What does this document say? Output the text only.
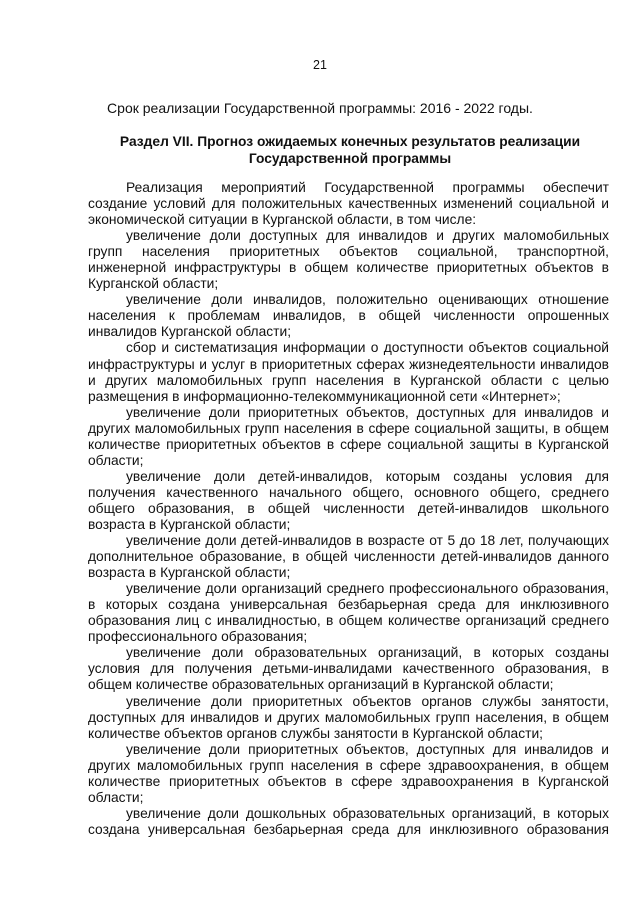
21
Срок реализации Государственной программы: 2016 - 2022 годы.
Раздел VII. Прогноз ожидаемых конечных результатов реализации Государственной программы

Реализация мероприятий Государственной программы обеспечит создание условий для положительных качественных изменений социальной и экономической ситуации в Курганской области, в том числе:

увеличение доли доступных для инвалидов и других маломобильных групп населения приоритетных объектов социальной, транспортной, инженерной инфраструктуры в общем количестве приоритетных объектов в Курганской области;

увеличение доли инвалидов, положительно оценивающих отношение населения к проблемам инвалидов, в общей численности опрошенных инвалидов Курганской области;

сбор и систематизация информации о доступности объектов социальной инфраструктуры и услуг в приоритетных сферах жизнедеятельности инвалидов и других маломобильных групп населения в Курганской области с целью размещения в информационно-телекоммуникационной сети «Интернет»;

увеличение доли приоритетных объектов, доступных для инвалидов и других маломобильных групп населения в сфере социальной защиты, в общем количестве приоритетных объектов в сфере социальной защиты в Курганской области;

увеличение доли детей-инвалидов, которым созданы условия для получения качественного начального общего, основного общего, среднего общего образования, в общей численности детей-инвалидов школьного возраста в Курганской области;

увеличение доли детей-инвалидов в возрасте от 5 до 18 лет, получающих дополнительное образование, в общей численности детей-инвалидов данного возраста в Курганской области;

увеличение доли организаций среднего профессионального образования, в которых создана универсальная безбарьерная среда для инклюзивного образования лиц с инвалидностью, в общем количестве организаций среднего профессионального образования;

увеличение доли образовательных организаций, в которых созданы условия для получения детьми-инвалидами качественного образования, в общем количестве образовательных организаций в Курганской области;

увеличение доли приоритетных объектов органов службы занятости, доступных для инвалидов и других маломобильных групп населения, в общем количестве объектов органов службы занятости в Курганской области;

увеличение доли приоритетных объектов, доступных для инвалидов и других маломобильных групп населения в сфере здравоохранения, в общем количестве приоритетных объектов в сфере здравоохранения в Курганской области;

увеличение доли дошкольных образовательных организаций, в которых создана универсальная безбарьерная среда для инклюзивного образования
